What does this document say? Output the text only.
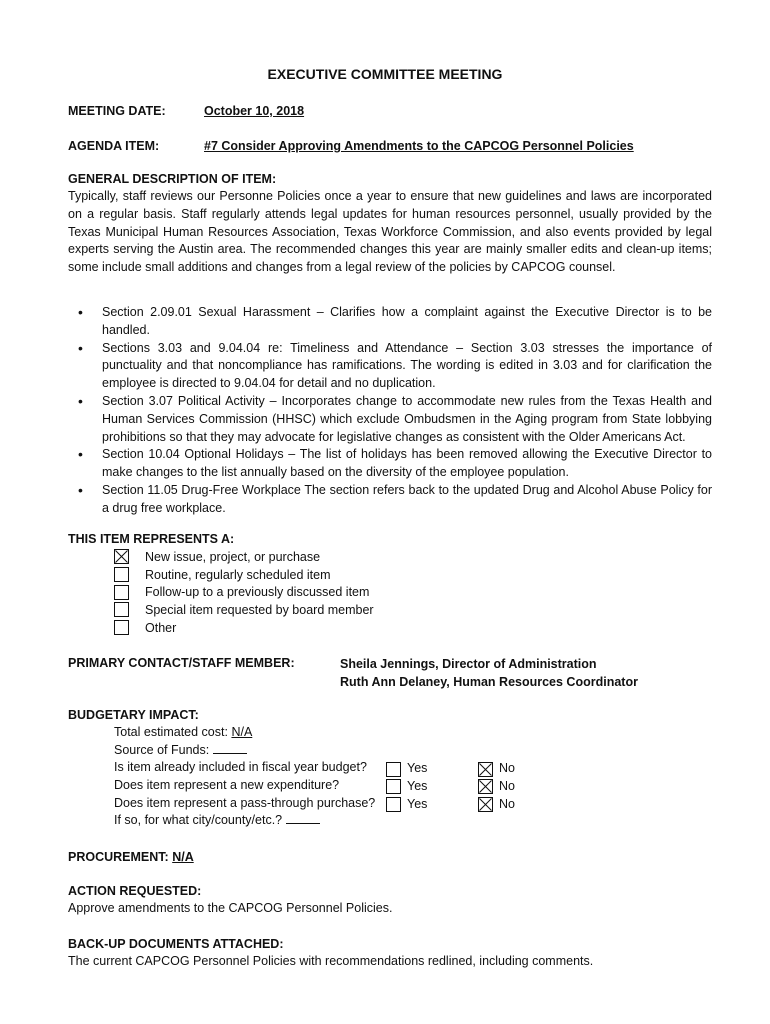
EXECUTIVE COMMITTEE MEETING
MEETING DATE:	October 10, 2018
AGENDA ITEM:	#7 Consider Approving Amendments to the CAPCOG Personnel Policies
GENERAL DESCRIPTION OF ITEM:
Typically, staff reviews our Personne Policies once a year to ensure that new guidelines and laws are incorporated on a regular basis. Staff regularly attends legal updates for human resources personnel, usually provided by the Texas Municipal Human Resources Association, Texas Workforce Commission, and also events provided by legal experts serving the Austin area. The recommended changes this year are mainly smaller edits and clean-up items; some include small additions and changes from a legal review of the policies by CAPCOG counsel.
• Section 2.09.01 Sexual Harassment – Clarifies how a complaint against the Executive Director is to be handled.
• Sections 3.03 and 9.04.04 re: Timeliness and Attendance – Section 3.03 stresses the importance of punctuality and that noncompliance has ramifications. The wording is edited in 3.03 and for clarification the employee is directed to 9.04.04 for detail and no duplication.
• Section 3.07 Political Activity – Incorporates change to accommodate new rules from the Texas Health and Human Services Commission (HHSC) which exclude Ombudsmen in the Aging program from State lobbying prohibitions so that they may advocate for legislative changes as consistent with the Older Americans Act.
• Section 10.04 Optional Holidays – The list of holidays has been removed allowing the Executive Director to make changes to the list annually based on the diversity of the employee population.
• Section 11.05 Drug-Free Workplace The section refers back to the updated Drug and Alcohol Abuse Policy for a drug free workplace.
THIS ITEM REPRESENTS A:
New issue, project, or purchase
Routine, regularly scheduled item
Follow-up to a previously discussed item
Special item requested by board member
Other
PRIMARY CONTACT/STAFF MEMBER:	Sheila Jennings, Director of Administration
Ruth Ann Delaney, Human Resources Coordinator
BUDGETARY IMPACT:
Total estimated cost: N/A
Source of Funds:
Is item already included in fiscal year budget?	Yes	No
Does item represent a new expenditure?	Yes	No
Does item represent a pass-through purchase?	Yes	No
If so, for what city/county/etc.?
PROCUREMENT: N/A
ACTION REQUESTED:
Approve amendments to the CAPCOG Personnel Policies.
BACK-UP DOCUMENTS ATTACHED:
The current CAPCOG Personnel Policies with recommendations redlined, including comments.
